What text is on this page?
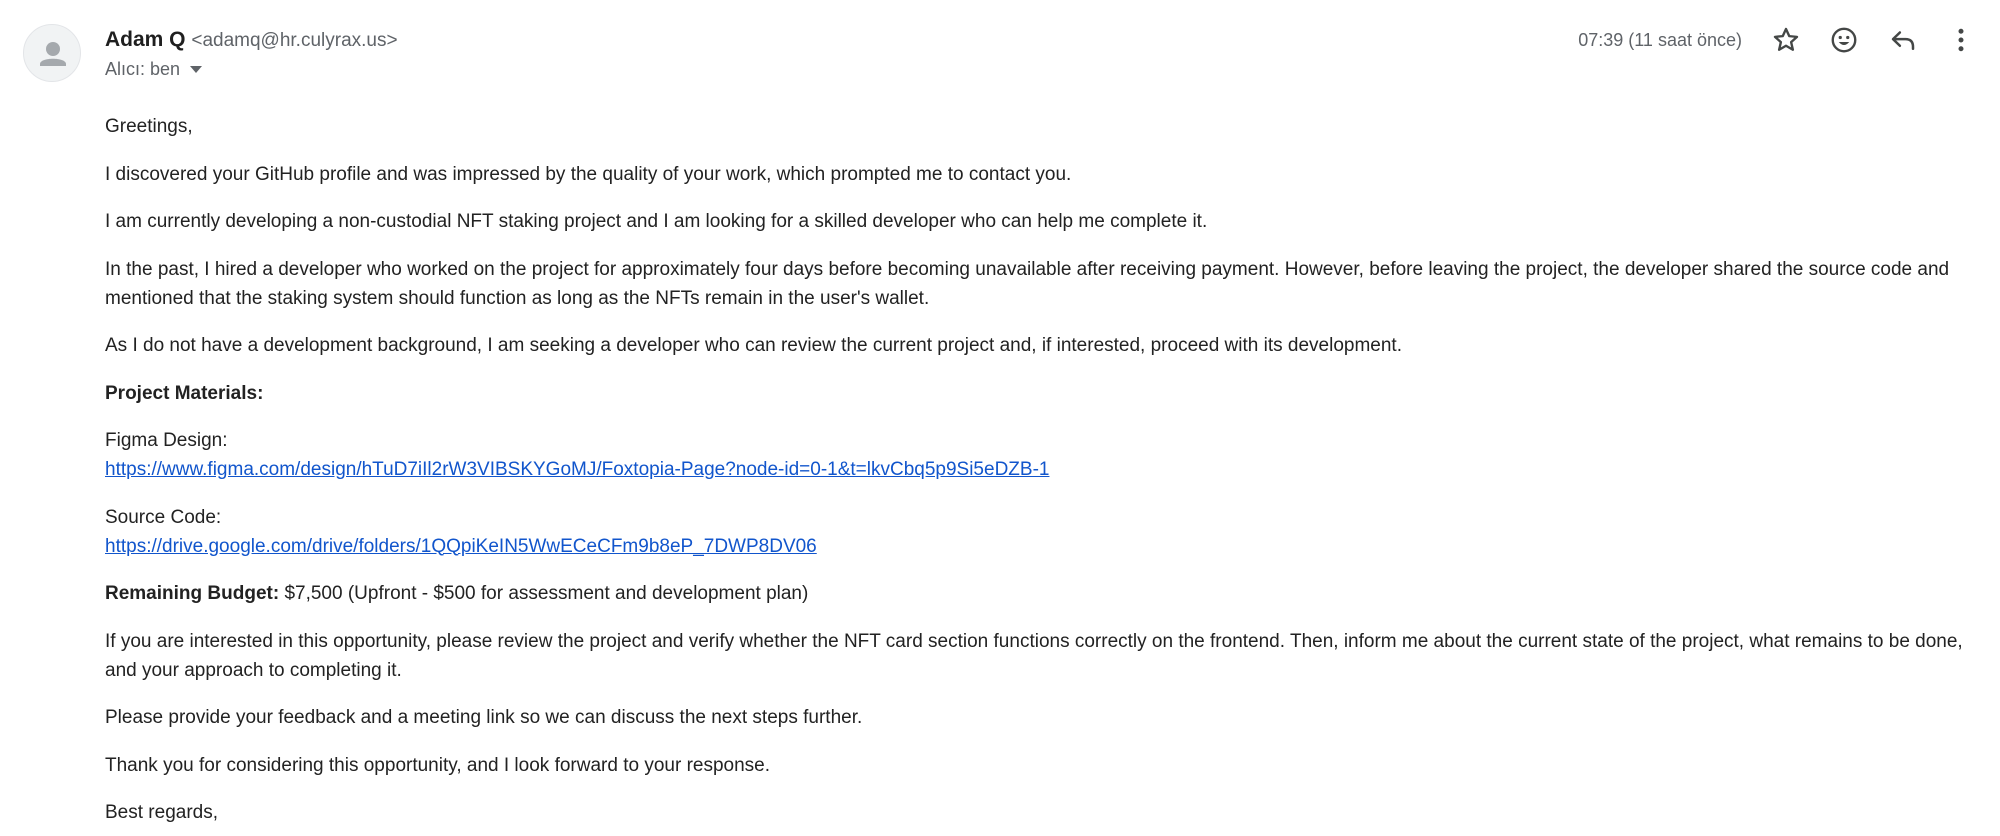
Adam Q <adamq@hr.culyrax.us>
Alıcı: ben
07:39 (11 saat önce)

Greetings,

I discovered your GitHub profile and was impressed by the quality of your work, which prompted me to contact you.

I am currently developing a non-custodial NFT staking project and I am looking for a skilled developer who can help me complete it.

In the past, I hired a developer who worked on the project for approximately four days before becoming unavailable after receiving payment. However, before leaving the project, the developer shared the source code and mentioned that the staking system should function as long as the NFTs remain in the user's wallet.

As I do not have a development background, I am seeking a developer who can review the current project and, if interested, proceed with its development.

Project Materials:

Figma Design:
https://www.figma.com/design/hTuD7iIl2rW3VIBSKYGoMJ/Foxtopia-Page?node-id=0-1&t=lkvCbq5p9Si5eDZB-1

Source Code:
https://drive.google.com/drive/folders/1QQpiKeIN5WwECeCFm9b8eP_7DWP8DV06

Remaining Budget: $7,500 (Upfront - $500 for assessment and development plan)

If you are interested in this opportunity, please review the project and verify whether the NFT card section functions correctly on the frontend. Then, inform me about the current state of the project, what remains to be done, and your approach to completing it.

Please provide your feedback and a meeting link so we can discuss the next steps further.

Thank you for considering this opportunity, and I look forward to your response.

Best regards,
